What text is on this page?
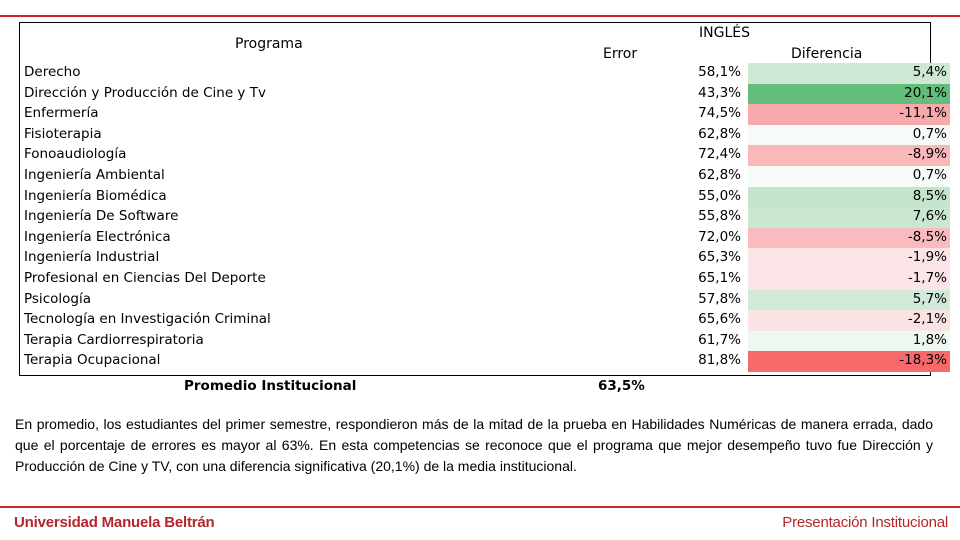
Programa
Error
INGLÉS
Diferencia
Derecho	58,1%	5,4%
Dirección y Producción de Cine y Tv	43,3%	20,1%
Enfermería	74,5%	-11,1%
Fisioterapia	62,8%	0,7%
Fonoaudiología	72,4%	-8,9%
Ingeniería Ambiental	62,8%	0,7%
Ingeniería Biomédica	55,0%	8,5%
Ingeniería De Software	55,8%	7,6%
Ingeniería Electrónica	72,0%	-8,5%
Ingeniería Industrial	65,3%	-1,9%
Profesional en Ciencias Del Deporte	65,1%	-1,7%
Psicología	57,8%	5,7%
Tecnología en Investigación Criminal	65,6%	-2,1%
Terapia Cardiorrespiratoria	61,7%	1,8%
Terapia Ocupacional	81,8%	-18,3%
Promedio Institucional	63,5%
En promedio, los estudiantes del primer semestre, respondieron más de la mitad de la prueba en Habilidades Numéricas de manera errada, dado que el porcentaje de errores es mayor al 63%. En esta competencias se reconoce que el programa que mejor desempeño tuvo fue Dirección y Producción de Cine y TV, con una diferencia significativa (20,1%) de la media institucional.
Universidad Manuela Beltrán	Presentación Institucional
